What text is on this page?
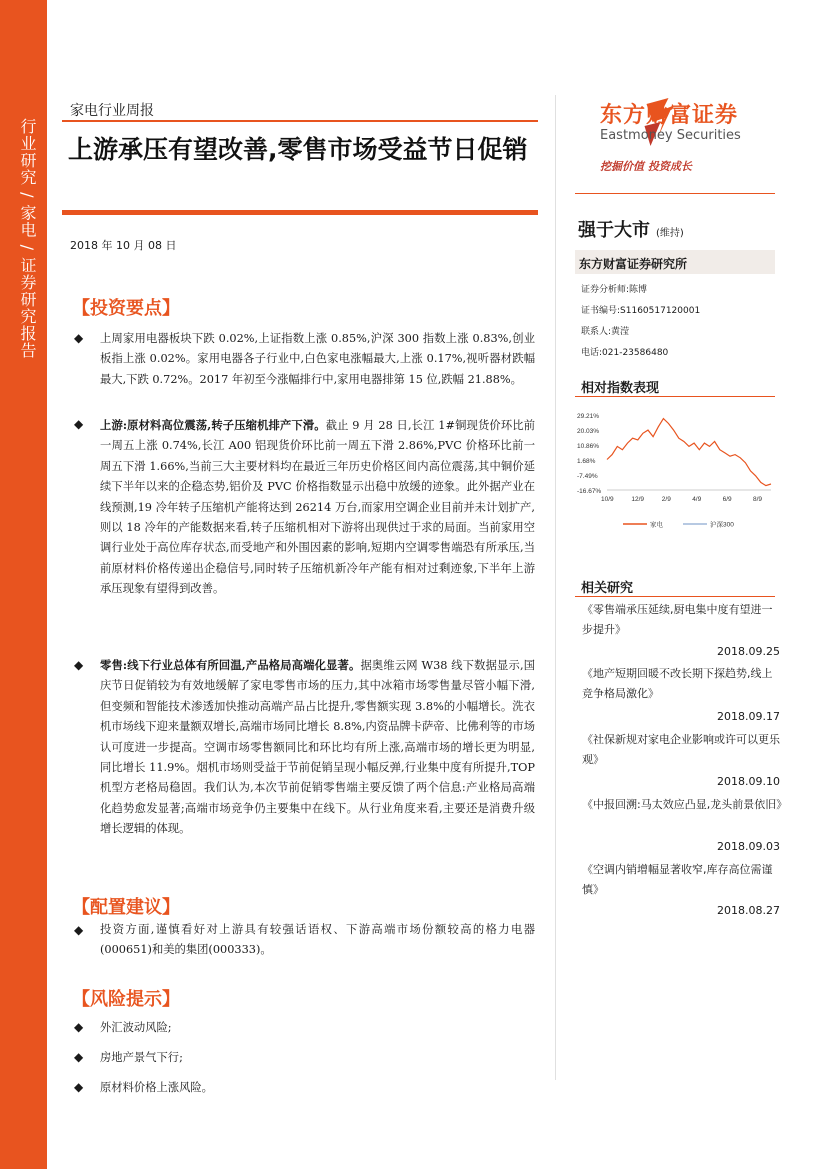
行业研究 / 家电 / 证券研究报告
家电行业周报
上游承压有望改善,零售市场受益节日促销
2018 年 10 月 08 日
东方财富证券
Eastmoney Securities
挖掘价值 投资成长
强于大市 (维持)
东方财富证券研究所
证券分析师:陈博
证书编号:S1160517120001
联系人:黄滢
电话:021-23586480
相对指数表现
29.21%
20.03%
10.86%
1.68%
-7.49%
-16.67%
10/9	12/9	2/9	4/9	6/9	8/9
家电	沪深300
相关研究
《零售端承压延续,厨电集中度有望进一步提升》
2018.09.25
《地产短期回暖不改长期下探趋势,线上竞争格局激化》
2018.09.17
《社保新规对家电企业影响或许可以更乐观》
2018.09.10
《中报回溯:马太效应凸显,龙头前景依旧》
2018.09.03
《空调内销增幅显著收窄,库存高位需谨慎》
2018.08.27
【投资要点】
◆ 上周家用电器板块下跌 0.02%,上证指数上涨 0.85%,沪深 300 指数上涨 0.83%,创业板指上涨 0.02%。家用电器各子行业中,白色家电涨幅最大,上涨 0.17%,视听器材跌幅最大,下跌 0.72%。2017 年初至今涨幅排行中,家用电器排第 15 位,跌幅 21.88%。
◆ 上游:原材料高位震荡,转子压缩机排产下滑。截止 9 月 28 日,长江 1#铜现货价环比前一周五上涨 0.74%,长江 A00 铝现货价环比前一周五下滑 2.86%,PVC 价格环比前一周五下滑 1.66%,当前三大主要材料均在最近三年历史价格区间内高位震荡,其中铜价延续下半年以来的企稳态势,铝价及 PVC 价格指数显示出稳中放缓的迹象。此外据产业在线预测,19 冷年转子压缩机产能将达到 26214 万台,而家用空调企业目前并未计划扩产,则以 18 冷年的产能数据来看,转子压缩机相对下游将出现供过于求的局面。当前家用空调行业处于高位库存状态,而受地产和外围因素的影响,短期内空调零售端恐有所承压,当前原材料价格传递出企稳信号,同时转子压缩机新冷年产能有相对过剩迹象,下半年上游承压现象有望得到改善。
◆ 零售:线下行业总体有所回温,产品格局高端化显著。据奥维云网 W38 线下数据显示,国庆节日促销较为有效地缓解了家电零售市场的压力,其中冰箱市场零售量尽管小幅下滑,但变频和智能技术渗透加快推动高端产品占比提升,零售额实现 3.8%的小幅增长。洗衣机市场线下迎来量额双增长,高端市场同比增长 8.8%,内资品牌卡萨帝、比佛利等的市场认可度进一步提高。空调市场零售额同比和环比均有所上涨,高端市场的增长更为明显,同比增长 11.9%。烟机市场则受益于节前促销呈现小幅反弹,行业集中度有所提升,TOP 机型方老格局稳固。我们认为,本次节前促销零售端主要反馈了两个信息:产业格局高端化趋势愈发显著;高端市场竞争仍主要集中在线下。从行业角度来看,主要还是消费升级增长逻辑的体现。
【配置建议】
◆ 投资方面,谨慎看好对上游具有较强话语权、下游高端市场份额较高的格力电器(000651)和美的集团(000333)。
【风险提示】
◆ 外汇波动风险;
◆ 房地产景气下行;
◆ 原材料价格上涨风险。
